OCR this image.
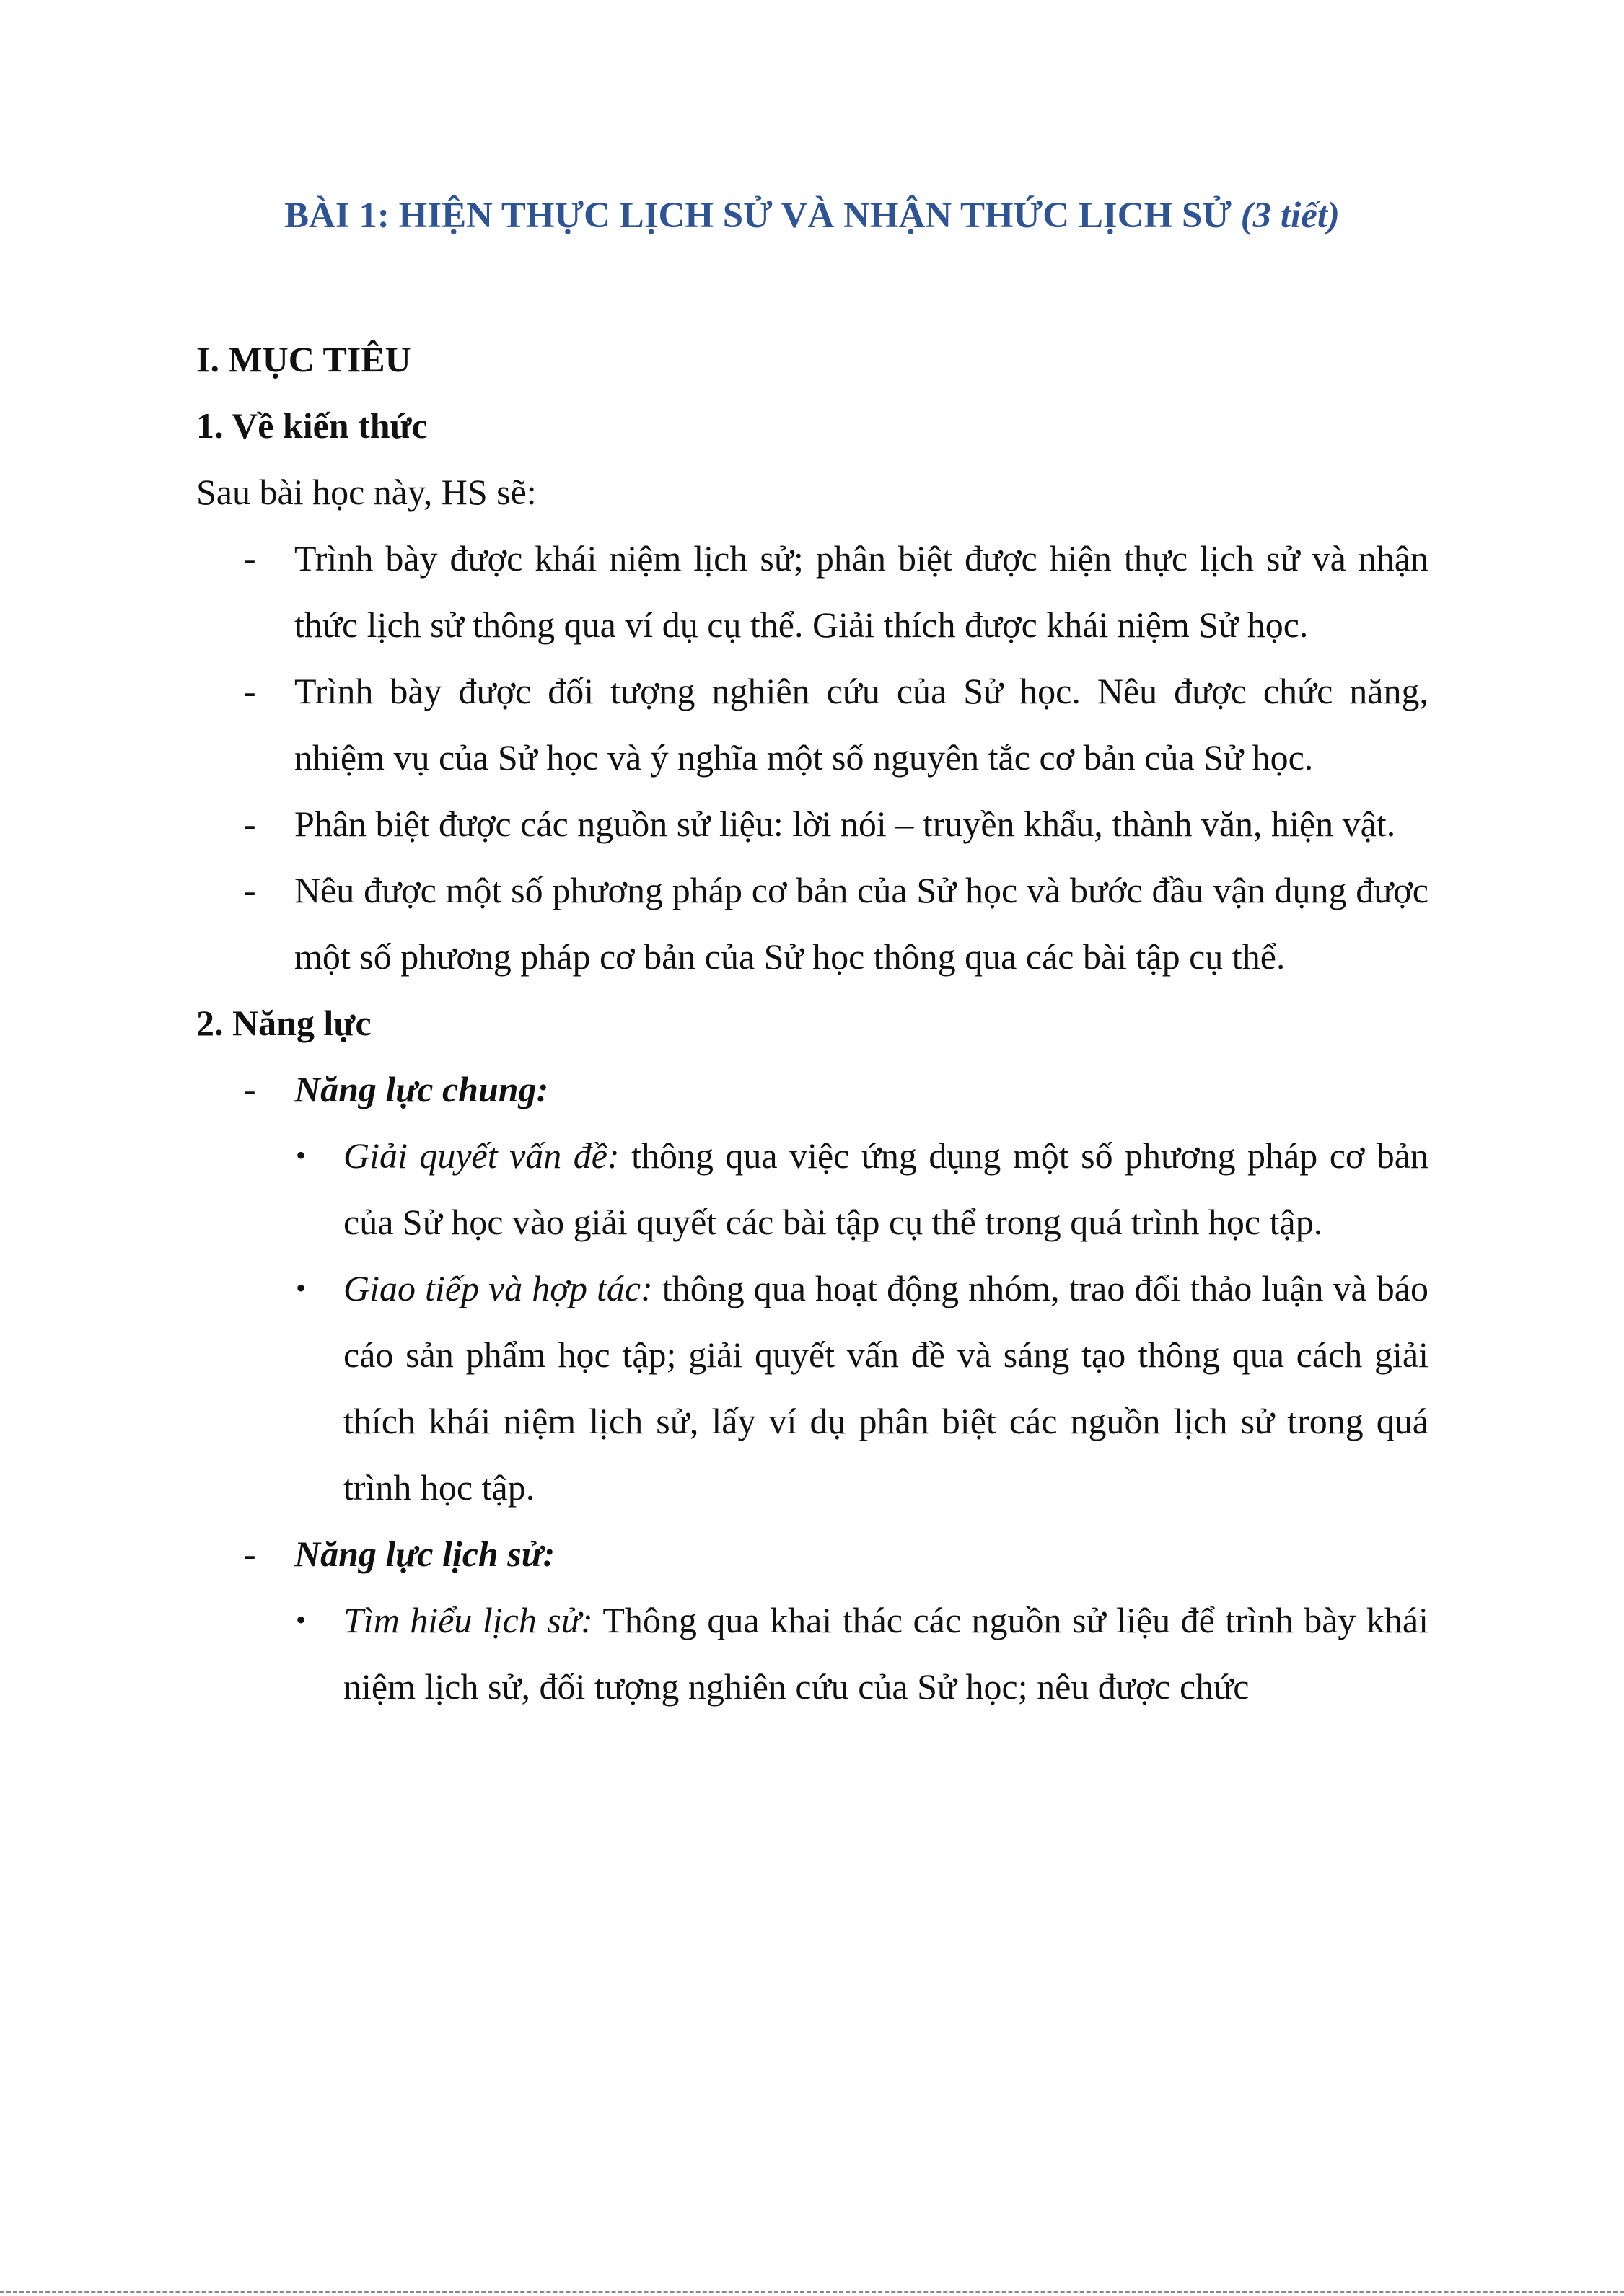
BÀI 1: HIỆN THỰC LỊCH SỬ VÀ NHẬN THỨC LỊCH SỬ (3 tiết)

I. MỤC TIÊU

1. Về kiến thức

Sau bài học này, HS sẽ:

- Trình bày được khái niệm lịch sử; phân biệt được hiện thực lịch sử và nhận thức lịch sử thông qua ví dụ cụ thể. Giải thích được khái niệm Sử học.
- Trình bày được đối tượng nghiên cứu của Sử học. Nêu được chức năng, nhiệm vụ của Sử học và ý nghĩa một số nguyên tắc cơ bản của Sử học.
- Phân biệt được các nguồn sử liệu: lời nói – truyền khẩu, thành văn, hiện vật.
- Nêu được một số phương pháp cơ bản của Sử học và bước đầu vận dụng được một số phương pháp cơ bản của Sử học thông qua các bài tập cụ thể.

2. Năng lực

- Năng lực chung:
• Giải quyết vấn đề: thông qua việc ứng dụng một số phương pháp cơ bản của Sử học vào giải quyết các bài tập cụ thể trong quá trình học tập.
• Giao tiếp và hợp tác: thông qua hoạt động nhóm, trao đổi thảo luận và báo cáo sản phẩm học tập; giải quyết vấn đề và sáng tạo thông qua cách giải thích khái niệm lịch sử, lấy ví dụ phân biệt các nguồn lịch sử trong quá trình học tập.
- Năng lực lịch sử:
• Tìm hiểu lịch sử: Thông qua khai thác các nguồn sử liệu để trình bày khái niệm lịch sử, đối tượng nghiên cứu của Sử học; nêu được chức
